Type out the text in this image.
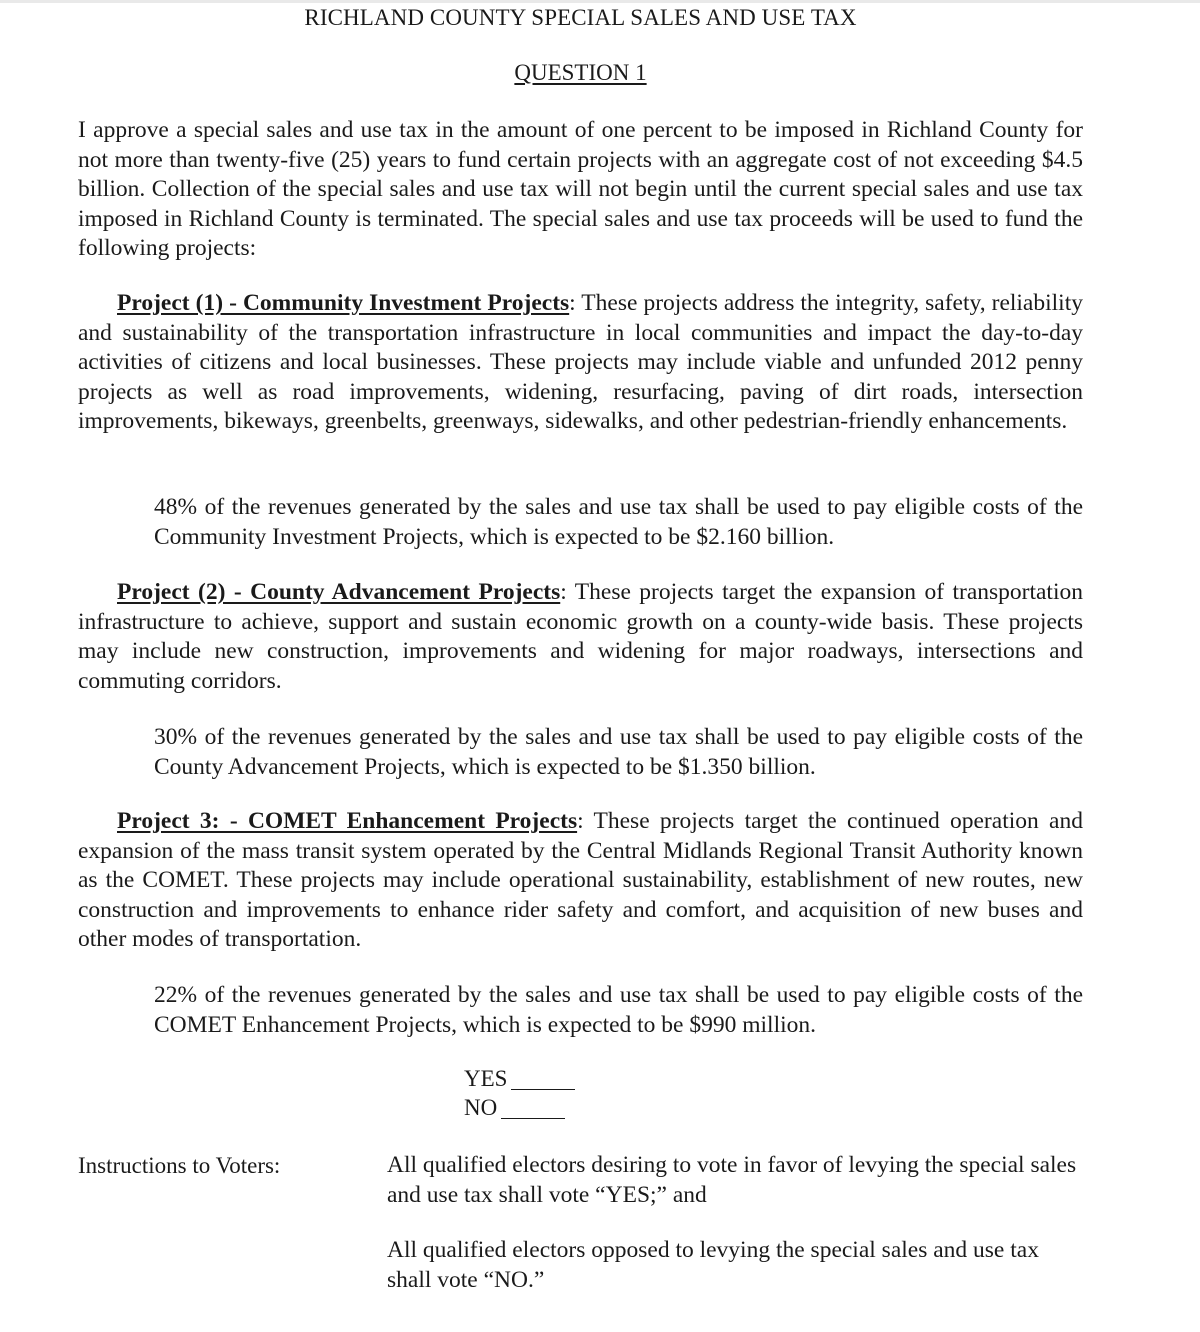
RICHLAND COUNTY SPECIAL SALES AND USE TAX
QUESTION 1
I approve a special sales and use tax in the amount of one percent to be imposed in Richland County for not more than twenty-five (25) years to fund certain projects with an aggregate cost of not exceeding $4.5 billion. Collection of the special sales and use tax will not begin until the current special sales and use tax imposed in Richland County is terminated. The special sales and use tax proceeds will be used to fund the following projects:
Project (1) - Community Investment Projects: These projects address the integrity, safety, reliability and sustainability of the transportation infrastructure in local communities and impact the day-to-day activities of citizens and local businesses. These projects may include viable and unfunded 2012 penny projects as well as road improvements, widening, resurfacing, paving of dirt roads, intersection improvements, bikeways, greenbelts, greenways, sidewalks, and other pedestrian-friendly enhancements.
48% of the revenues generated by the sales and use tax shall be used to pay eligible costs of the Community Investment Projects, which is expected to be $2.160 billion.
Project (2) - County Advancement Projects: These projects target the expansion of transportation infrastructure to achieve, support and sustain economic growth on a county-wide basis. These projects may include new construction, improvements and widening for major roadways, intersections and commuting corridors.
30% of the revenues generated by the sales and use tax shall be used to pay eligible costs of the County Advancement Projects, which is expected to be $1.350 billion.
Project 3: - COMET Enhancement Projects: These projects target the continued operation and expansion of the mass transit system operated by the Central Midlands Regional Transit Authority known as the COMET. These projects may include operational sustainability, establishment of new routes, new construction and improvements to enhance rider safety and comfort, and acquisition of new buses and other modes of transportation.
22% of the revenues generated by the sales and use tax shall be used to pay eligible costs of the COMET Enhancement Projects, which is expected to be $990 million.
YES
NO
Instructions to Voters:	All qualified electors desiring to vote in favor of levying the special sales and use tax shall vote “YES;” and
All qualified electors opposed to levying the special sales and use tax shall vote “NO.”
